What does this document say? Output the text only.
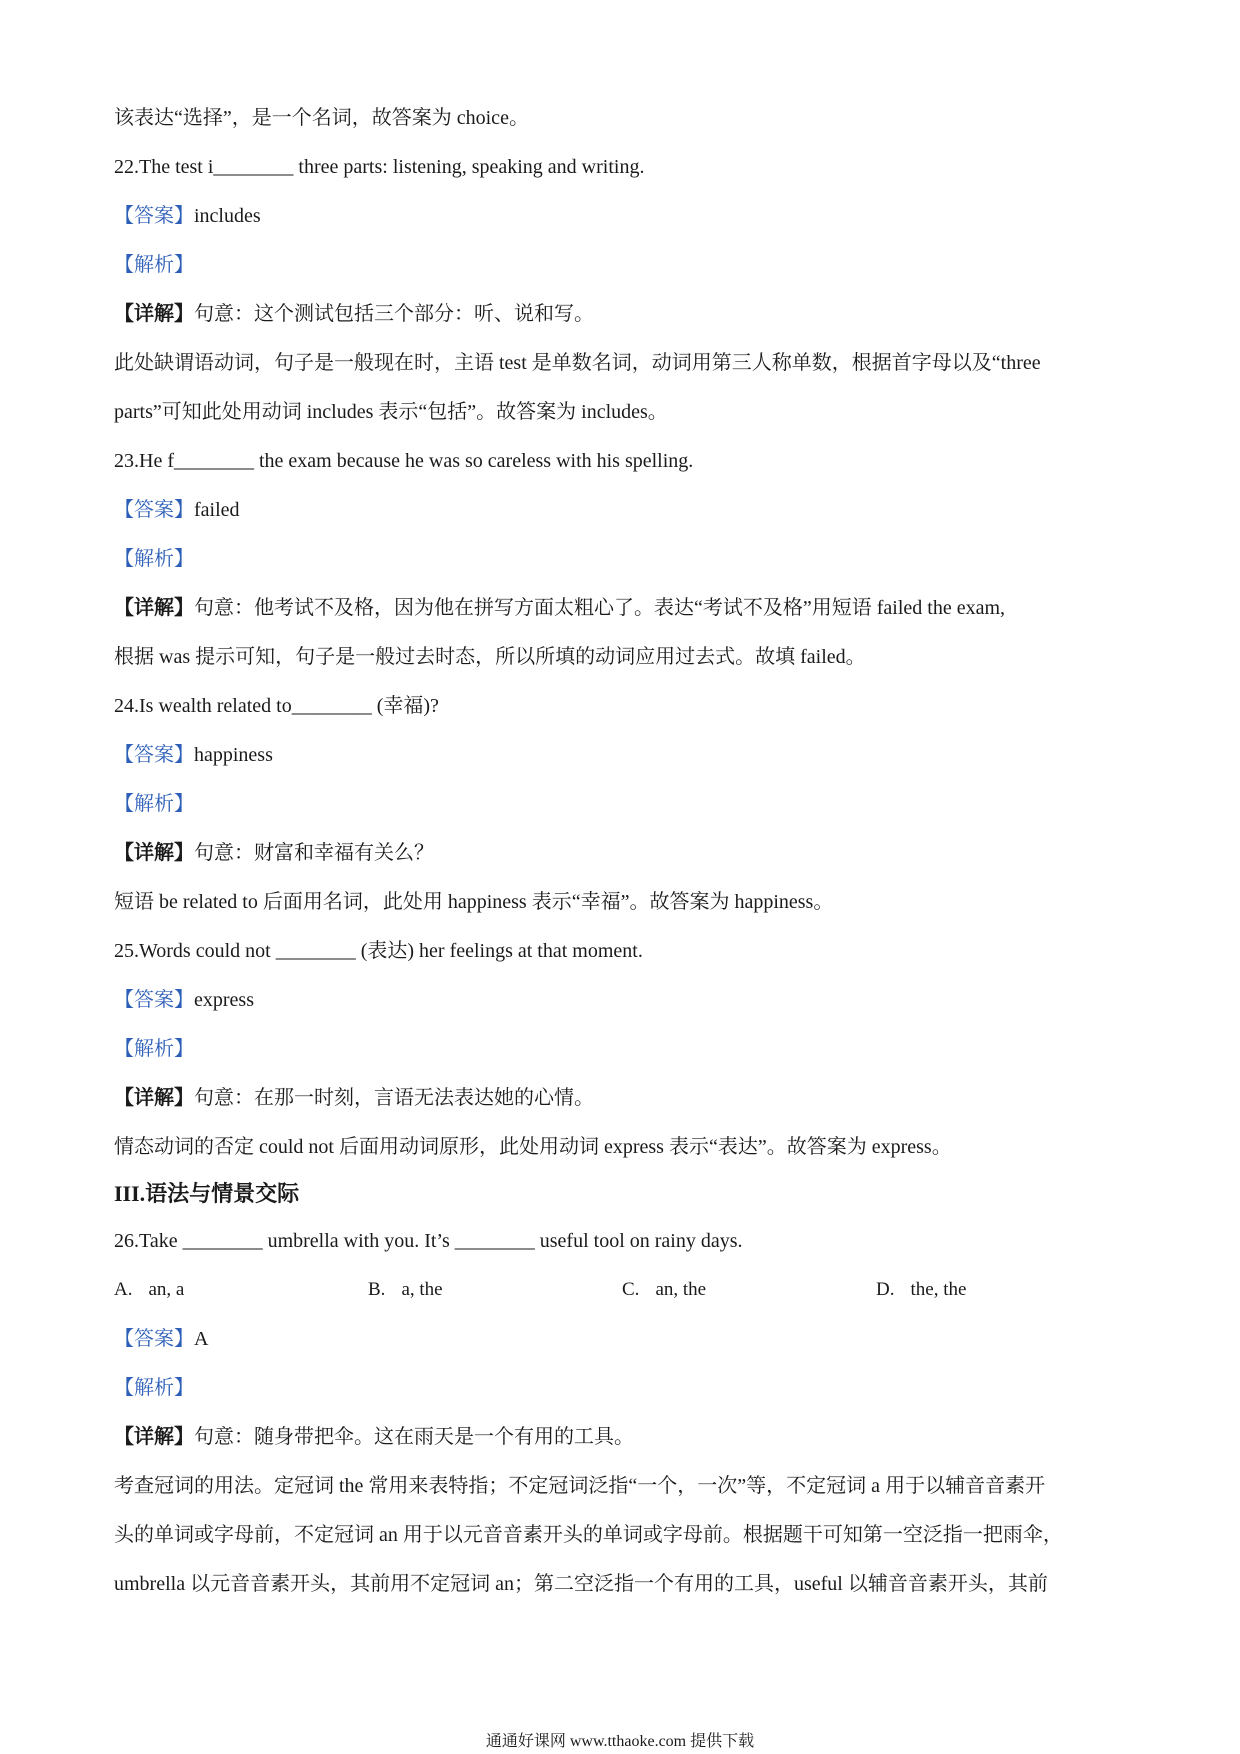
该表达“选择”，是一个名词，故答案为 choice。
22.The test i________ three parts: listening, speaking and writing.
【答案】includes
【解析】
【详解】句意：这个测试包括三个部分：听、说和写。
此处缺谓语动词，句子是一般现在时，主语 test 是单数名词，动词用第三人称单数，根据首字母以及“three
parts”可知此处用动词 includes 表示“包括”。故答案为 includes。
23.He f________ the exam because he was so careless with his spelling.
【答案】failed
【解析】
【详解】句意：他考试不及格，因为他在拼写方面太粗心了。表达“考试不及格”用短语 failed the exam,
根据 was 提示可知，句子是一般过去时态，所以所填的动词应用过去式。故填 failed。
24.Is wealth related to________ (幸福)?
【答案】happiness
【解析】
【详解】句意：财富和幸福有关么？
短语 be related to 后面用名词，此处用 happiness 表示“幸福”。故答案为 happiness。
25.Words could not ________ (表达) her feelings at that moment.
【答案】express
【解析】
【详解】句意：在那一时刻，言语无法表达她的心情。
情态动词的否定 could not 后面用动词原形，此处用动词 express 表示“表达”。故答案为 express。
III.语法与情景交际
26.Take ________ umbrella with you. It’s ________ useful tool on rainy days.
A. an, a	B. a, the	C. an, the	D. the, the
【答案】A
【解析】
【详解】句意：随身带把伞。这在雨天是一个有用的工具。
考查冠词的用法。定冠词 the 常用来表特指；不定冠词泛指“一个，一次”等，不定冠词 a 用于以辅音音素开
头的单词或字母前，不定冠词 an 用于以元音音素开头的单词或字母前。根据题干可知第一空泛指一把雨伞，
umbrella 以元音音素开头，其前用不定冠词 an；第二空泛指一个有用的工具，useful 以辅音音素开头，其前
通通好课网 www.tthaoke.com 提供下载
